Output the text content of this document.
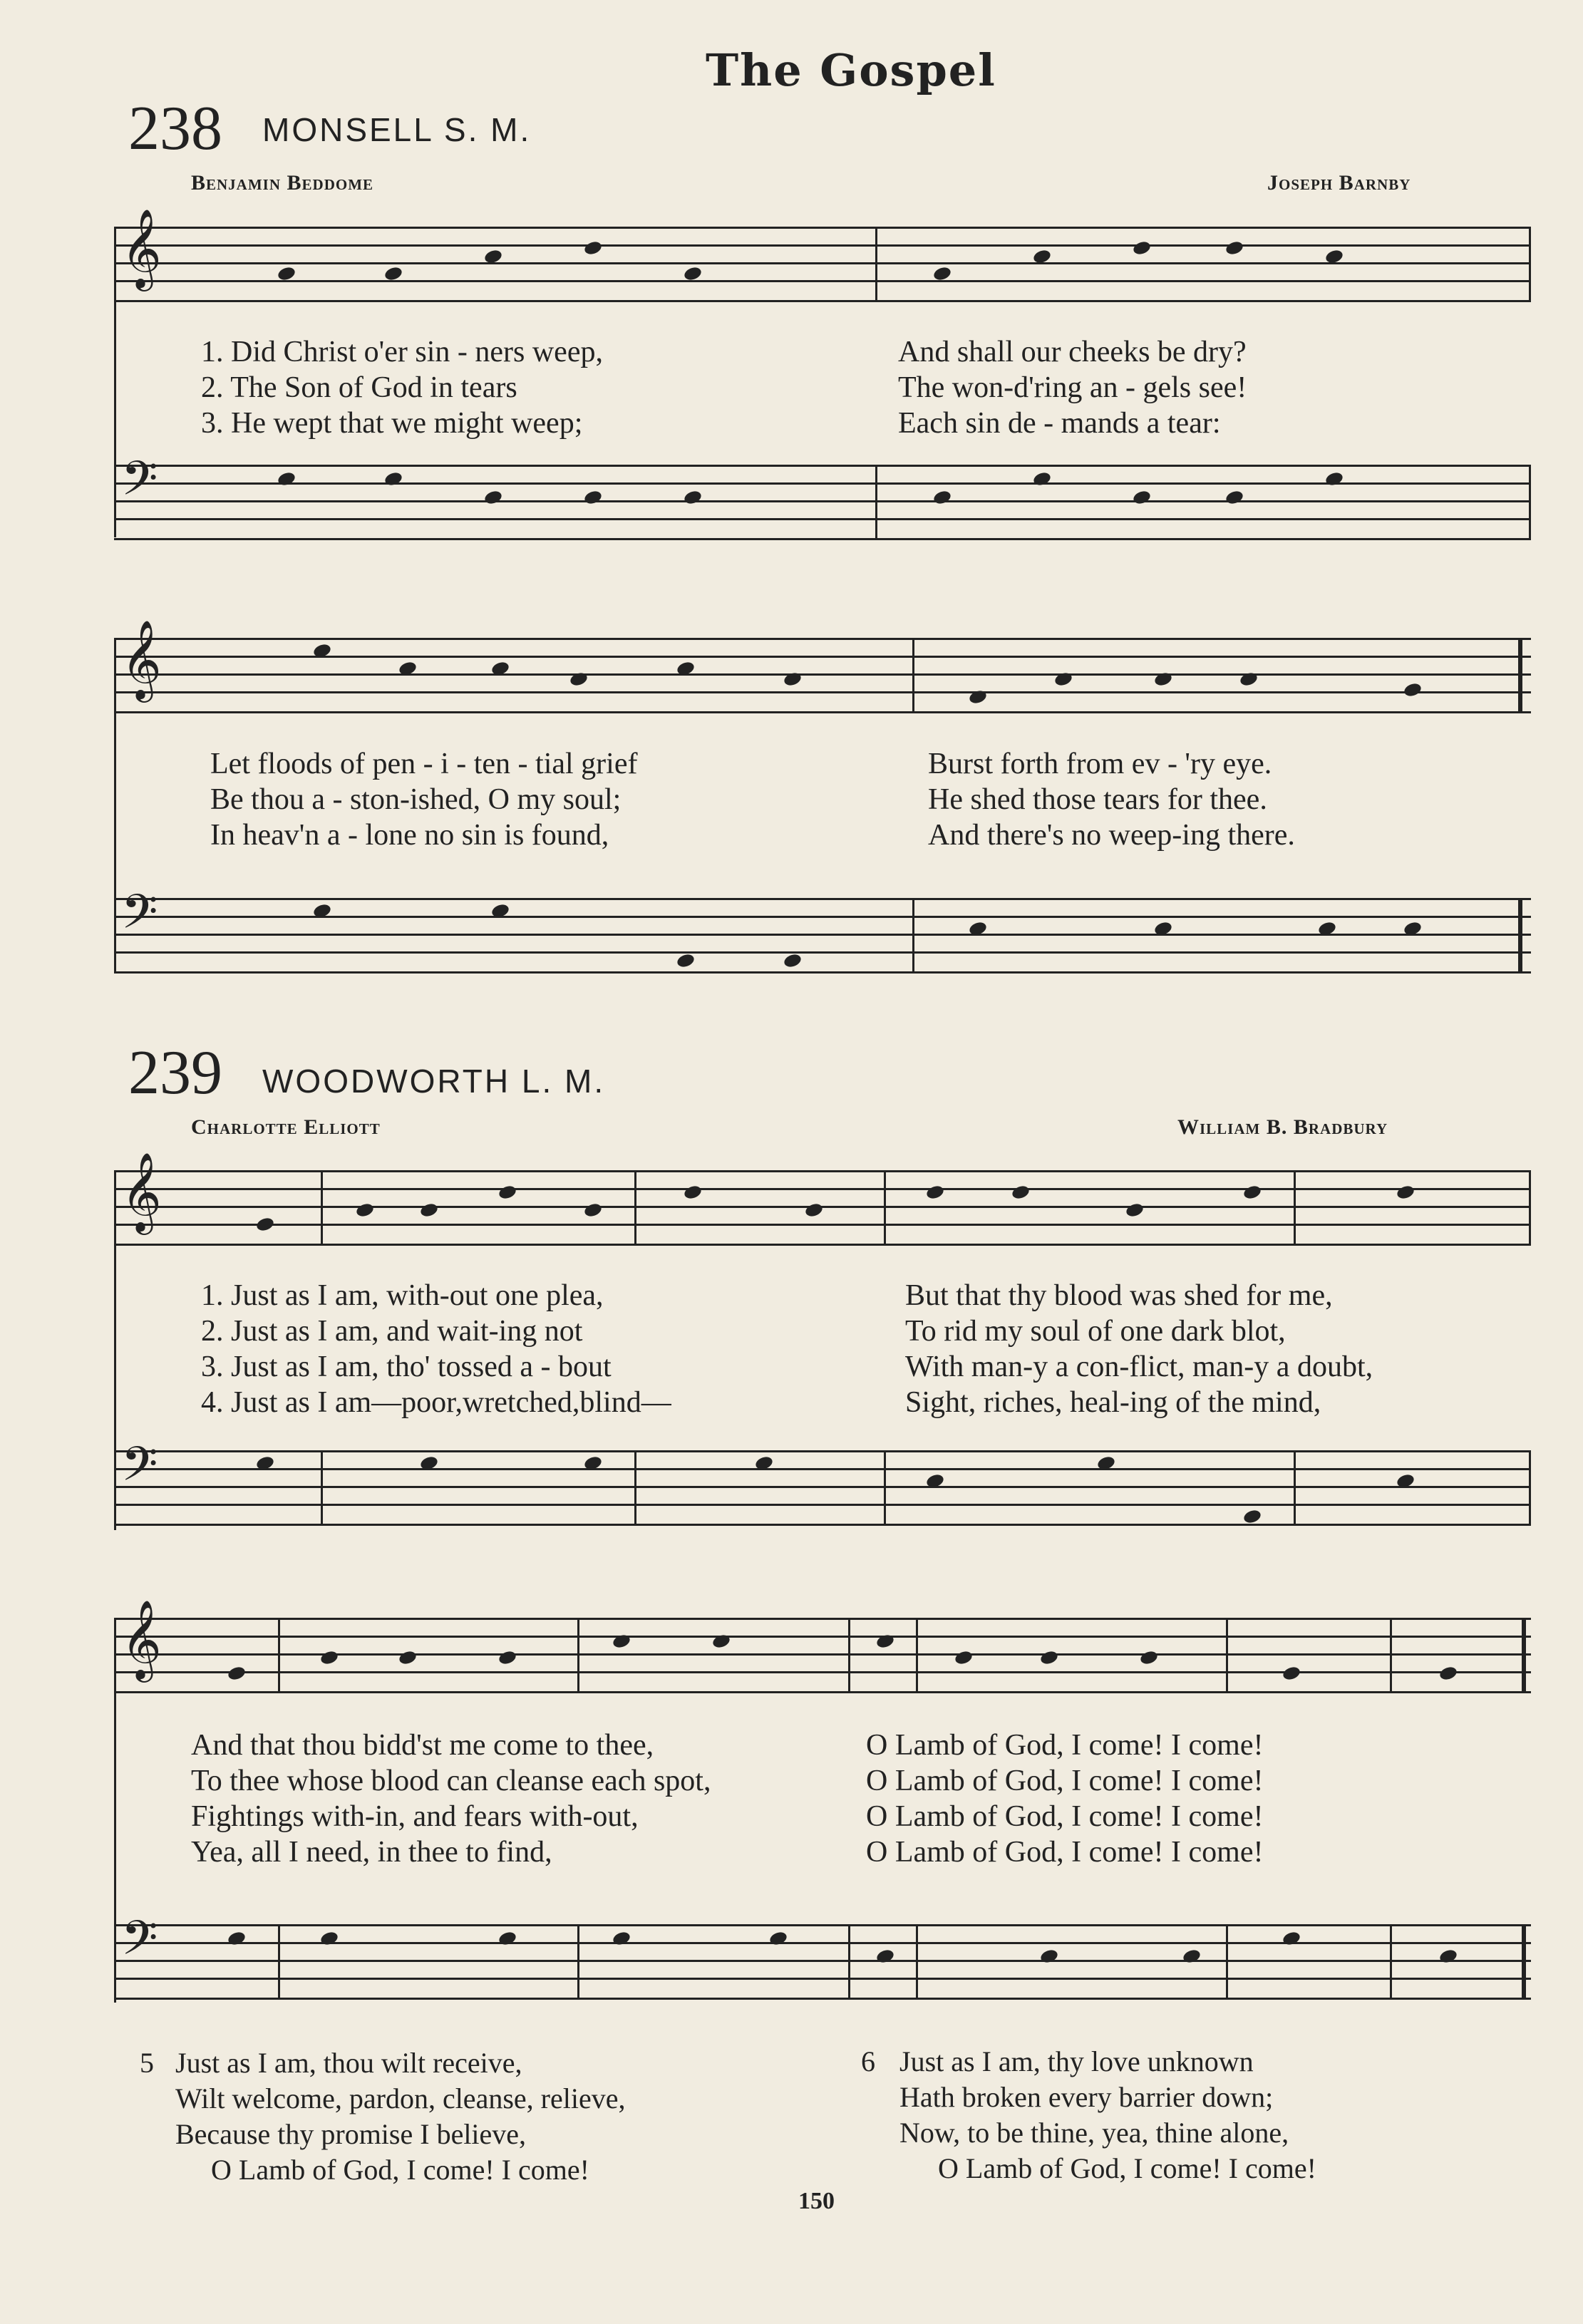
The Gospel
238 MONSELL S. M.
Benjamin Beddome	Joseph Barnby
𝄞
1. Did Christ o'er sin - ners weep,
2. The Son of God in tears
3. He wept that we might weep;
And shall our cheeks be dry?
The won-d'ring an - gels see!
Each sin de - mands a tear:
𝄢
𝄞
Let floods of pen - i - ten - tial grief
Be thou a - ston-ished, O my soul;
In heav'n a - lone no sin is found,
Burst forth from ev - 'ry eye.
He shed those tears for thee.
And there's no weep-ing there.
𝄢
239 WOODWORTH L. M.
Charlotte Elliott	William B. Bradbury
𝄞
1. Just as I am, with-out one plea,
2. Just as I am, and wait-ing not
3. Just as I am, tho' tossed a - bout
4. Just as I am—poor,wretched,blind—
But that thy blood was shed for me,
To rid my soul of one dark blot,
With man-y a con-flict, man-y a doubt,
Sight, riches, heal-ing of the mind,
𝄢
𝄞
And that thou bidd'st me come to thee,
To thee whose blood can cleanse each spot,
Fightings with-in, and fears with-out,
Yea, all I need, in thee to find,
O Lamb of God, I come! I come!
O Lamb of God, I come! I come!
O Lamb of God, I come! I come!
O Lamb of God, I come! I come!
𝄢
5 Just as I am, thou wilt receive,
Wilt welcome, pardon, cleanse, relieve,
Because thy promise I believe,
O Lamb of God, I come! I come!
6 Just as I am, thy love unknown
Hath broken every barrier down;
Now, to be thine, yea, thine alone,
O Lamb of God, I come! I come!
150
